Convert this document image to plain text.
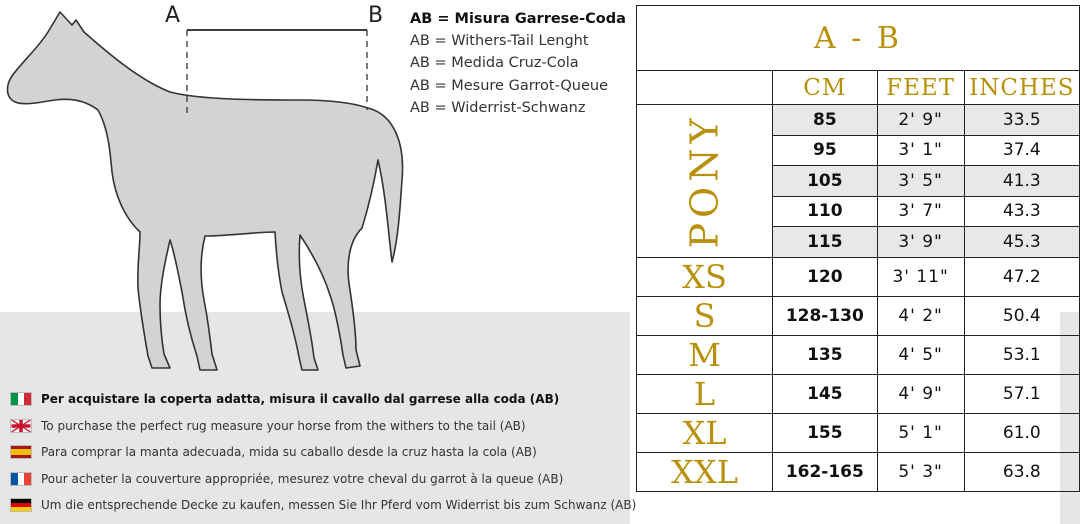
A	B AB = Misura Garrese-Coda
AB = Withers-Tail Lenght
AB = Medida Cruz-Cola
AB = Mesure Garrot-Queue
AB = Widerrist-Schwanz
Per acquistare la coperta adatta, misura il cavallo dal garrese alla coda (AB)
To purchase the perfect rug measure your horse from the withers to the tail (AB)
Para comprar la manta adecuada, mida su caballo desde la cruz hasta la cola (AB)
Pour acheter la couverture appropriée, mesurez votre cheval du garrot à la queue (AB)
Um die entsprechende Decke zu kaufen, messen Sie Ihr Pferd vom Widerrist bis zum Schwanz (AB)
A - B			
	CM	FEET	INCHES
PONY	85	2' 9"	33.5
	95	3' 1"	37.4
	105	3' 5"	41.3
	110	3' 7"	43.3
	115	3' 9"	45.3
XS	120	3' 11"	47.2
S	128-130	4' 2"	50.4
M	135	4' 5"	53.1
L	145	4' 9"	57.1
XL	155	5' 1"	61.0
XXL	162-165	5' 3"	63.8
